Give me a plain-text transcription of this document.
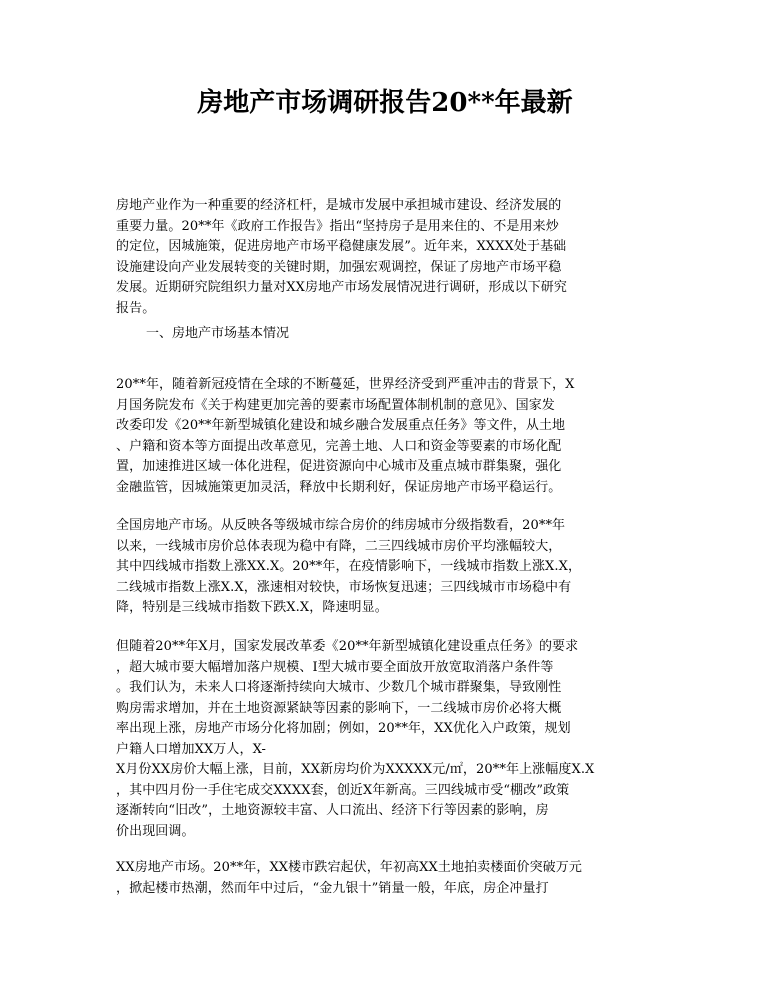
房地产市场调研报告20**年最新

房地产业作为一种重要的经济杠杆，是城市发展中承担城市建设、经济发展的
重要力量。20**年《政府工作报告》指出“坚持房子是用来住的、不是用来炒
的定位，因城施策，促进房地产市场平稳健康发展”。近年来，XXXX处于基础
设施建设向产业发展转变的关键时期，加强宏观调控，保证了房地产市场平稳
发展。近期研究院组织力量对XX房地产市场发展情况进行调研，形成以下研究
报告。

一、房地产市场基本情况

20**年，随着新冠疫情在全球的不断蔓延，世界经济受到严重冲击的背景下，X
月国务院发布《关于构建更加完善的要素市场配置体制机制的意见》、国家发
改委印发《20**年新型城镇化建设和城乡融合发展重点任务》等文件，从土地
、户籍和资本等方面提出改革意见，完善土地、人口和资金等要素的市场化配
置，加速推进区域一体化进程，促进资源向中心城市及重点城市群集聚，强化
金融监管，因城施策更加灵活，释放中长期利好，保证房地产市场平稳运行。

全国房地产市场。从反映各等级城市综合房价的纬房城市分级指数看，20**年
以来，一线城市房价总体表现为稳中有降，二三四线城市房价平均涨幅较大，
其中四线城市指数上涨XX.X。20**年，在疫情影响下，一线城市指数上涨X.X，
二线城市指数上涨X.X，涨速相对较快，市场恢复迅速；三四线城市市场稳中有
降，特别是三线城市指数下跌X.X，降速明显。

但随着20**年X月，国家发展改革委《20**年新型城镇化建设重点任务》的要求
，超大城市要大幅增加落户规模、Ⅰ型大城市要全面放开放宽取消落户条件等
。我们认为，未来人口将逐渐持续向大城市、少数几个城市群聚集，导致刚性
购房需求增加，并在土地资源紧缺等因素的影响下，一二线城市房价必将大概
率出现上涨，房地产市场分化将加剧；例如，20**年，XX优化入户政策，规划
户籍人口增加XX万人，X-
X月份XX房价大幅上涨，目前，XX新房均价为XXXXX元/㎡，20**年上涨幅度X.X
，其中四月份一手住宅成交XXXX套，创近X年新高。三四线城市受“棚改”政策
逐渐转向“旧改”，土地资源较丰富、人口流出、经济下行等因素的影响，房
价出现回调。

XX房地产市场。20**年，XX楼市跌宕起伏，年初高XX土地拍卖楼面价突破万元
，掀起楼市热潮，然而年中过后，“金九银十”销量一般，年底，房企冲量打
